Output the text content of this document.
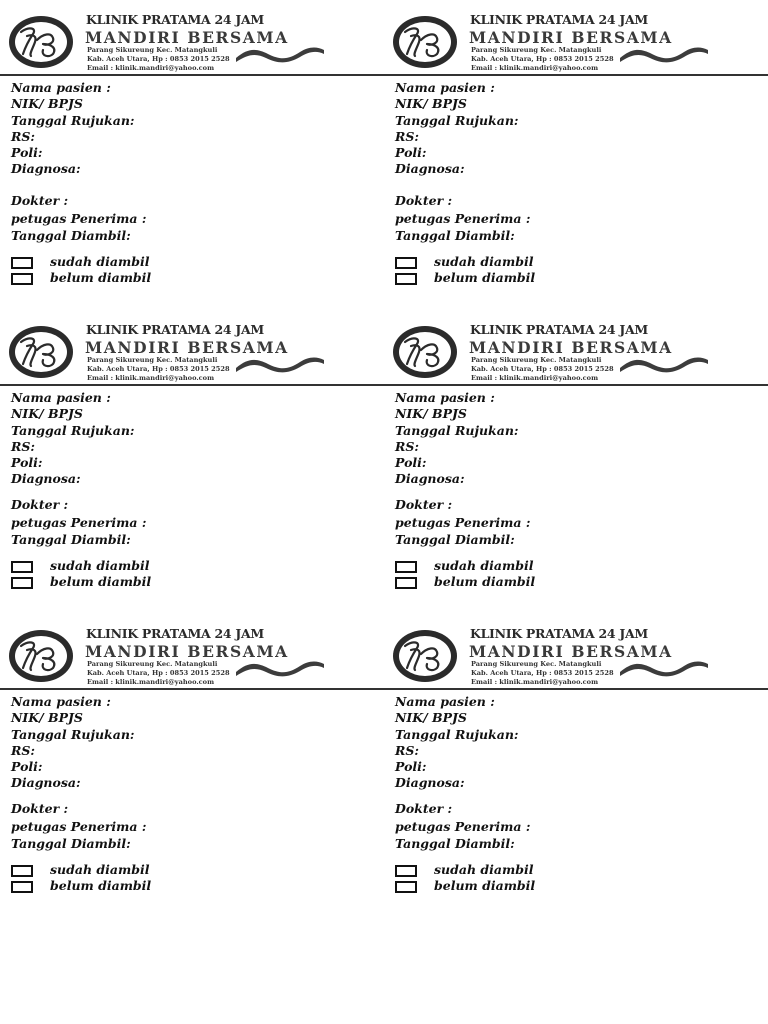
KLINIK PRATAMA 24 JAM
MANDIRI BERSAMA
Parang Sikureung Kec. Matangkuli
Kab. Aceh Utara, Hp : 0853 2015 2528
Email : klinik.mandiri@yahoo.com
Nama pasien :
NIK/ BPJS
Tanggal Rujukan:
RS:
Poli:
Diagnosa:
Dokter :
petugas Penerima :
Tanggal Diambil:
sudah diambil
belum diambil
KLINIK PRATAMA 24 JAM
MANDIRI BERSAMA
Parang Sikureung Kec. Matangkuli
Kab. Aceh Utara, Hp : 0853 2015 2528
Email : klinik.mandiri@yahoo.com
Nama pasien :
NIK/ BPJS
Tanggal Rujukan:
RS:
Poli:
Diagnosa:
Dokter :
petugas Penerima :
Tanggal Diambil:
sudah diambil
belum diambil
KLINIK PRATAMA 24 JAM
MANDIRI BERSAMA
Parang Sikureung Kec. Matangkuli
Kab. Aceh Utara, Hp : 0853 2015 2528
Email : klinik.mandiri@yahoo.com
Nama pasien :
NIK/ BPJS
Tanggal Rujukan:
RS:
Poli:
Diagnosa:
Dokter :
petugas Penerima :
Tanggal Diambil:
sudah diambil
belum diambil
KLINIK PRATAMA 24 JAM
MANDIRI BERSAMA
Parang Sikureung Kec. Matangkuli
Kab. Aceh Utara, Hp : 0853 2015 2528
Email : klinik.mandiri@yahoo.com
Nama pasien :
NIK/ BPJS
Tanggal Rujukan:
RS:
Poli:
Diagnosa:
Dokter :
petugas Penerima :
Tanggal Diambil:
sudah diambil
belum diambil
KLINIK PRATAMA 24 JAM
MANDIRI BERSAMA
Parang Sikureung Kec. Matangkuli
Kab. Aceh Utara, Hp : 0853 2015 2528
Email : klinik.mandiri@yahoo.com
Nama pasien :
NIK/ BPJS
Tanggal Rujukan:
RS:
Poli:
Diagnosa:
Dokter :
petugas Penerima :
Tanggal Diambil:
sudah diambil
belum diambil
KLINIK PRATAMA 24 JAM
MANDIRI BERSAMA
Parang Sikureung Kec. Matangkuli
Kab. Aceh Utara, Hp : 0853 2015 2528
Email : klinik.mandiri@yahoo.com
Nama pasien :
NIK/ BPJS
Tanggal Rujukan:
RS:
Poli:
Diagnosa:
Dokter :
petugas Penerima :
Tanggal Diambil:
sudah diambil
belum diambil
